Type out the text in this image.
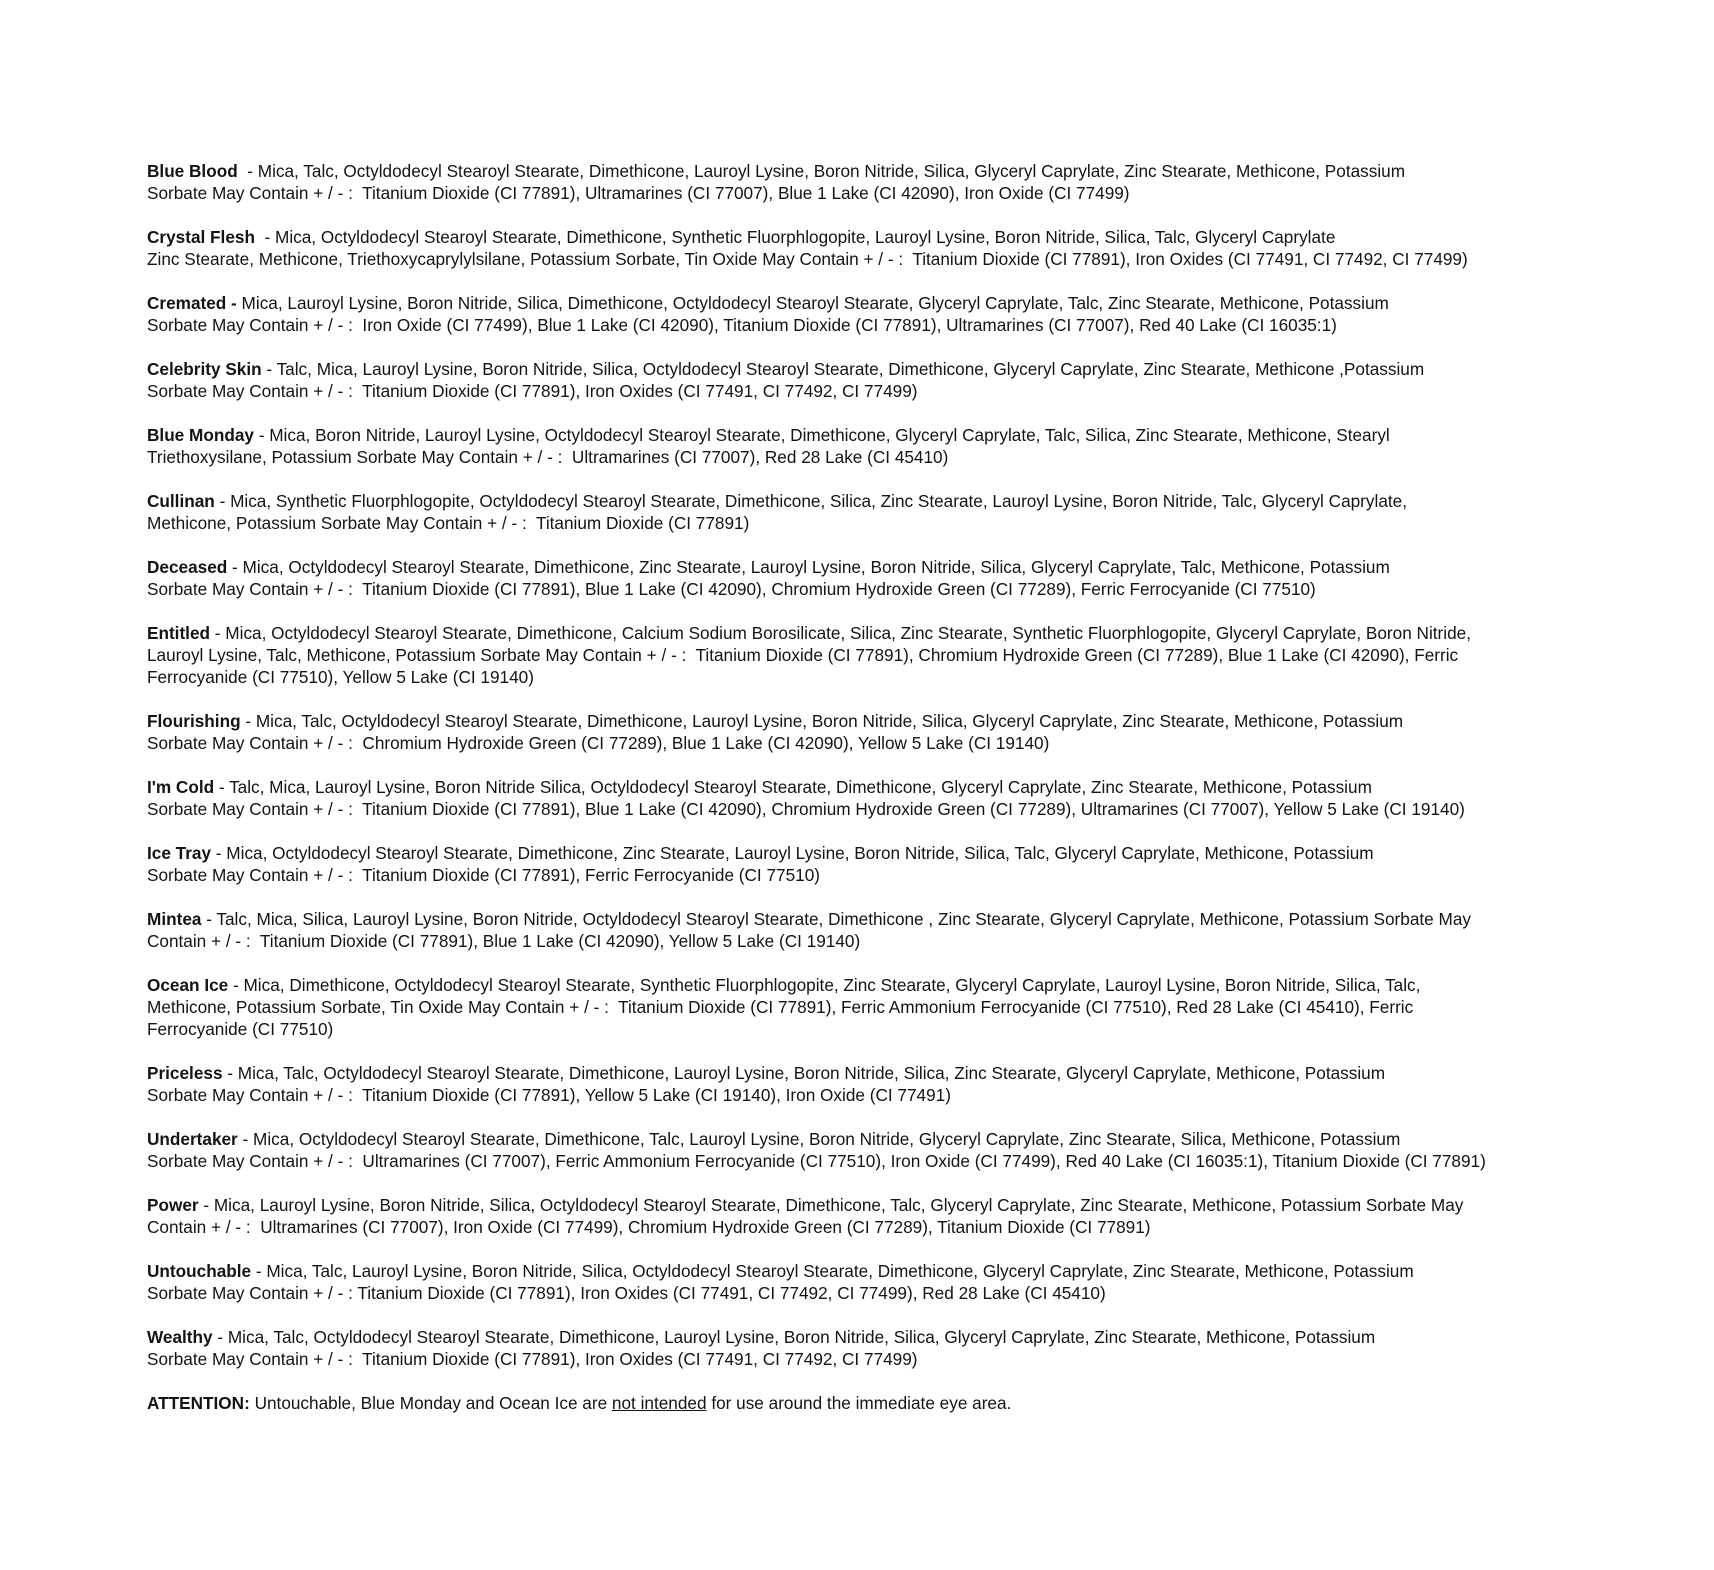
Blue Blood  - Mica, Talc, Octyldodecyl Stearoyl Stearate, Dimethicone, Lauroyl Lysine, Boron Nitride, Silica, Glyceryl Caprylate, Zinc Stearate, Methicone, Potassium
Sorbate May Contain + / - :  Titanium Dioxide (CI 77891), Ultramarines (CI 77007), Blue 1 Lake (CI 42090), Iron Oxide (CI 77499)
Crystal Flesh  - Mica, Octyldodecyl Stearoyl Stearate, Dimethicone, Synthetic Fluorphlogopite, Lauroyl Lysine, Boron Nitride, Silica, Talc, Glyceryl Caprylate
Zinc Stearate, Methicone, Triethoxycaprylylsilane, Potassium Sorbate, Tin Oxide May Contain + / - :  Titanium Dioxide (CI 77891), Iron Oxides (CI 77491, CI 77492, CI 77499)
Cremated - Mica, Lauroyl Lysine, Boron Nitride, Silica, Dimethicone, Octyldodecyl Stearoyl Stearate, Glyceryl Caprylate, Talc, Zinc Stearate, Methicone, Potassium
Sorbate May Contain + / - :  Iron Oxide (CI 77499), Blue 1 Lake (CI 42090), Titanium Dioxide (CI 77891), Ultramarines (CI 77007), Red 40 Lake (CI 16035:1)
Celebrity Skin - Talc, Mica, Lauroyl Lysine, Boron Nitride, Silica, Octyldodecyl Stearoyl Stearate, Dimethicone, Glyceryl Caprylate, Zinc Stearate, Methicone ,Potassium
Sorbate May Contain + / - :  Titanium Dioxide (CI 77891), Iron Oxides (CI 77491, CI 77492, CI 77499)
Blue Monday - Mica, Boron Nitride, Lauroyl Lysine, Octyldodecyl Stearoyl Stearate, Dimethicone, Glyceryl Caprylate, Talc, Silica, Zinc Stearate, Methicone, Stearyl
Triethoxysilane, Potassium Sorbate May Contain + / - :  Ultramarines (CI 77007), Red 28 Lake (CI 45410)
Cullinan - Mica, Synthetic Fluorphlogopite, Octyldodecyl Stearoyl Stearate, Dimethicone, Silica, Zinc Stearate, Lauroyl Lysine, Boron Nitride, Talc, Glyceryl Caprylate,
Methicone, Potassium Sorbate May Contain + / - :  Titanium Dioxide (CI 77891)
Deceased - Mica, Octyldodecyl Stearoyl Stearate, Dimethicone, Zinc Stearate, Lauroyl Lysine, Boron Nitride, Silica, Glyceryl Caprylate, Talc, Methicone, Potassium
Sorbate May Contain + / - :  Titanium Dioxide (CI 77891), Blue 1 Lake (CI 42090), Chromium Hydroxide Green (CI 77289), Ferric Ferrocyanide (CI 77510)
Entitled - Mica, Octyldodecyl Stearoyl Stearate, Dimethicone, Calcium Sodium Borosilicate, Silica, Zinc Stearate, Synthetic Fluorphlogopite, Glyceryl Caprylate, Boron Nitride,
Lauroyl Lysine, Talc, Methicone, Potassium Sorbate May Contain + / - :  Titanium Dioxide (CI 77891), Chromium Hydroxide Green (CI 77289), Blue 1 Lake (CI 42090), Ferric
Ferrocyanide (CI 77510), Yellow 5 Lake (CI 19140)
Flourishing - Mica, Talc, Octyldodecyl Stearoyl Stearate, Dimethicone, Lauroyl Lysine, Boron Nitride, Silica, Glyceryl Caprylate, Zinc Stearate, Methicone, Potassium
Sorbate May Contain + / - :  Chromium Hydroxide Green (CI 77289), Blue 1 Lake (CI 42090), Yellow 5 Lake (CI 19140)
I'm Cold - Talc, Mica, Lauroyl Lysine, Boron Nitride Silica, Octyldodecyl Stearoyl Stearate, Dimethicone, Glyceryl Caprylate, Zinc Stearate, Methicone, Potassium
Sorbate May Contain + / - :  Titanium Dioxide (CI 77891), Blue 1 Lake (CI 42090), Chromium Hydroxide Green (CI 77289), Ultramarines (CI 77007), Yellow 5 Lake (CI 19140)
Ice Tray - Mica, Octyldodecyl Stearoyl Stearate, Dimethicone, Zinc Stearate, Lauroyl Lysine, Boron Nitride, Silica, Talc, Glyceryl Caprylate, Methicone, Potassium
Sorbate May Contain + / - :  Titanium Dioxide (CI 77891), Ferric Ferrocyanide (CI 77510)
Mintea - Talc, Mica, Silica, Lauroyl Lysine, Boron Nitride, Octyldodecyl Stearoyl Stearate, Dimethicone , Zinc Stearate, Glyceryl Caprylate, Methicone, Potassium Sorbate May
Contain + / - :  Titanium Dioxide (CI 77891), Blue 1 Lake (CI 42090), Yellow 5 Lake (CI 19140)
Ocean Ice - Mica, Dimethicone, Octyldodecyl Stearoyl Stearate, Synthetic Fluorphlogopite, Zinc Stearate, Glyceryl Caprylate, Lauroyl Lysine, Boron Nitride, Silica, Talc,
Methicone, Potassium Sorbate, Tin Oxide May Contain + / - :  Titanium Dioxide (CI 77891), Ferric Ammonium Ferrocyanide (CI 77510), Red 28 Lake (CI 45410), Ferric
Ferrocyanide (CI 77510)
Priceless - Mica, Talc, Octyldodecyl Stearoyl Stearate, Dimethicone, Lauroyl Lysine, Boron Nitride, Silica, Zinc Stearate, Glyceryl Caprylate, Methicone, Potassium
Sorbate May Contain + / - :  Titanium Dioxide (CI 77891), Yellow 5 Lake (CI 19140), Iron Oxide (CI 77491)
Undertaker - Mica, Octyldodecyl Stearoyl Stearate, Dimethicone, Talc, Lauroyl Lysine, Boron Nitride, Glyceryl Caprylate, Zinc Stearate, Silica, Methicone, Potassium
Sorbate May Contain + / - :  Ultramarines (CI 77007), Ferric Ammonium Ferrocyanide (CI 77510), Iron Oxide (CI 77499), Red 40 Lake (CI 16035:1), Titanium Dioxide (CI 77891)
Power - Mica, Lauroyl Lysine, Boron Nitride, Silica, Octyldodecyl Stearoyl Stearate, Dimethicone, Talc, Glyceryl Caprylate, Zinc Stearate, Methicone, Potassium Sorbate May
Contain + / - :  Ultramarines (CI 77007), Iron Oxide (CI 77499), Chromium Hydroxide Green (CI 77289), Titanium Dioxide (CI 77891)
Untouchable - Mica, Talc, Lauroyl Lysine, Boron Nitride, Silica, Octyldodecyl Stearoyl Stearate, Dimethicone, Glyceryl Caprylate, Zinc Stearate, Methicone, Potassium
Sorbate May Contain + / - : Titanium Dioxide (CI 77891), Iron Oxides (CI 77491, CI 77492, CI 77499), Red 28 Lake (CI 45410)
Wealthy - Mica, Talc, Octyldodecyl Stearoyl Stearate, Dimethicone, Lauroyl Lysine, Boron Nitride, Silica, Glyceryl Caprylate, Zinc Stearate, Methicone, Potassium
Sorbate May Contain + / - :  Titanium Dioxide (CI 77891), Iron Oxides (CI 77491, CI 77492, CI 77499)
ATTENTION: Untouchable, Blue Monday and Ocean Ice are not intended for use around the immediate eye area.
